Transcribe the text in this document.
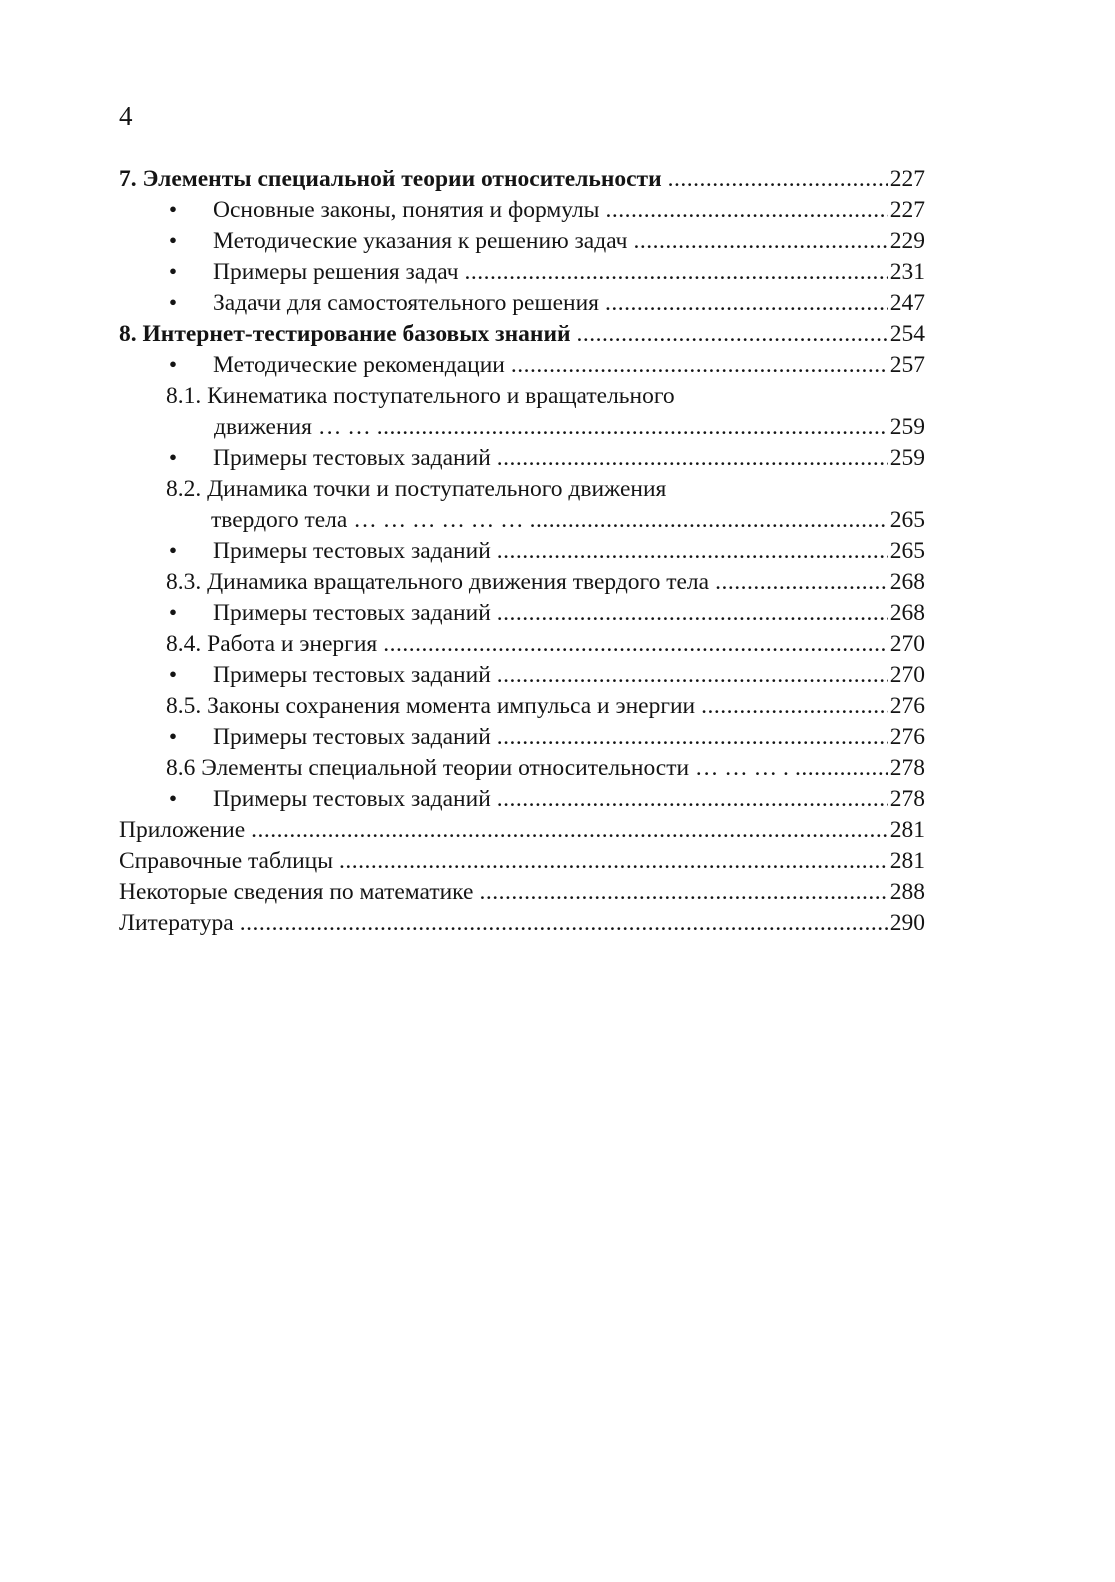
4
7. Элементы специальной теории относительности .....	227
• Основные законы, понятия и формулы .....	227
• Методические указания к решению задач .....	229
• Примеры решения задач .....	231
• Задачи для самостоятельного решения .....	247
8. Интернет-тестирование базовых знаний .....	254
• Методические рекомендации .....	257
8.1. Кинематика поступательного и вращательного
движения … … .....	259
• Примеры тестовых заданий .....	259
8.2. Динамика точки и поступательного движения
твердого тела … … … … … … .....	265
• Примеры тестовых заданий .....	265
8.3. Динамика вращательного движения твердого тела .....	268
• Примеры тестовых заданий .....	268
8.4. Работа и энергия .....	270
• Примеры тестовых заданий .....	270
8.5. Законы сохранения момента импульса и энергии .....	276
• Примеры тестовых заданий .....	276
8.6 Элементы специальной теории относительности … … … . .....	278
• Примеры тестовых заданий .....	278
Приложение .....	281
Справочные таблицы .....	281
Некоторые сведения по математике .....	288
Литература .....	290
